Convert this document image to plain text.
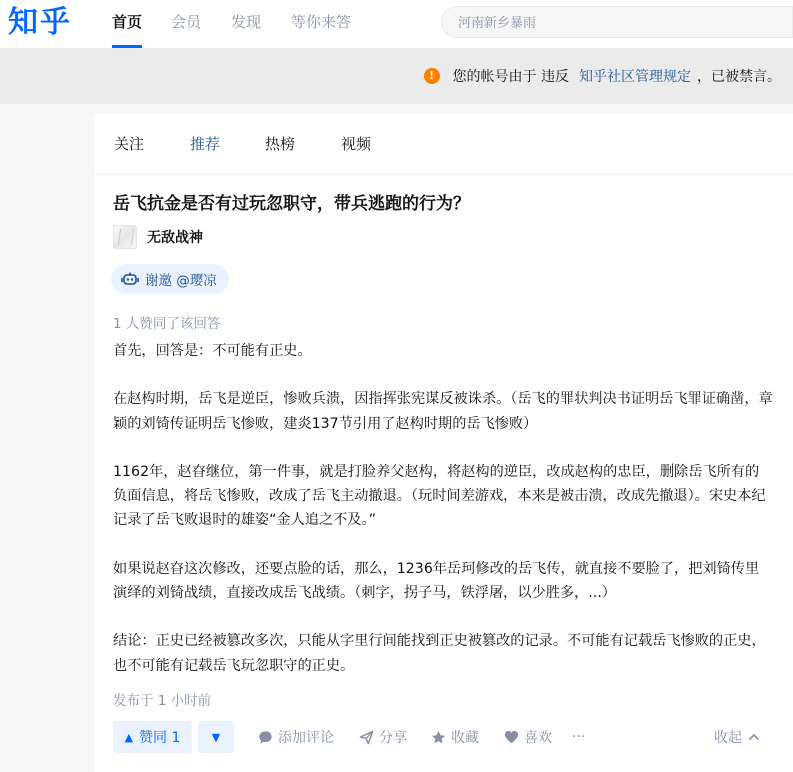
知乎	首页 会员 发现 等你来答
河南新乡暴雨
!	您的帐号由于 违反 知乎社区管理规定 ，已被禁言。
关注	推荐	热榜	视频
岳飞抗金是否有过玩忽职守，带兵逃跑的行为？
无敌战神
谢邀 @璎凉
1 人赞同了该回答

首先，回答是：不可能有正史。

在赵构时期，岳飞是逆臣，惨败兵溃，因指挥张宪谋反被诛杀。（岳飞的罪状判决书证明岳飞罪证确凿，章颖的刘锜传证明岳飞惨败，建炎137节引用了赵构时期的岳飞惨败）

1162年，赵昚继位，第一件事，就是打脸养父赵构，将赵构的逆臣，改成赵构的忠臣，删除岳飞所有的负面信息，将岳飞惨败，改成了岳飞主动撤退。（玩时间差游戏，本来是被击溃，改成先撤退）。宋史本纪记录了岳飞败退时的雄姿“金人追之不及。”

如果说赵昚这次修改，还要点脸的话，那么，1236年岳珂修改的岳飞传，就直接不要脸了，把刘锜传里演绎的刘锜战绩，直接改成岳飞战绩。（刺字，拐子马，铁浮屠，以少胜多，...）

结论：正史已经被篡改多次，只能从字里行间能找到正史被篡改的记录。不可能有记载岳飞惨败的正史，也不可能有记载岳飞玩忽职守的正史。

发布于 1 小时前
▲ 赞同 1	▼	添加评论	分享	收藏	喜欢 ···	收起
